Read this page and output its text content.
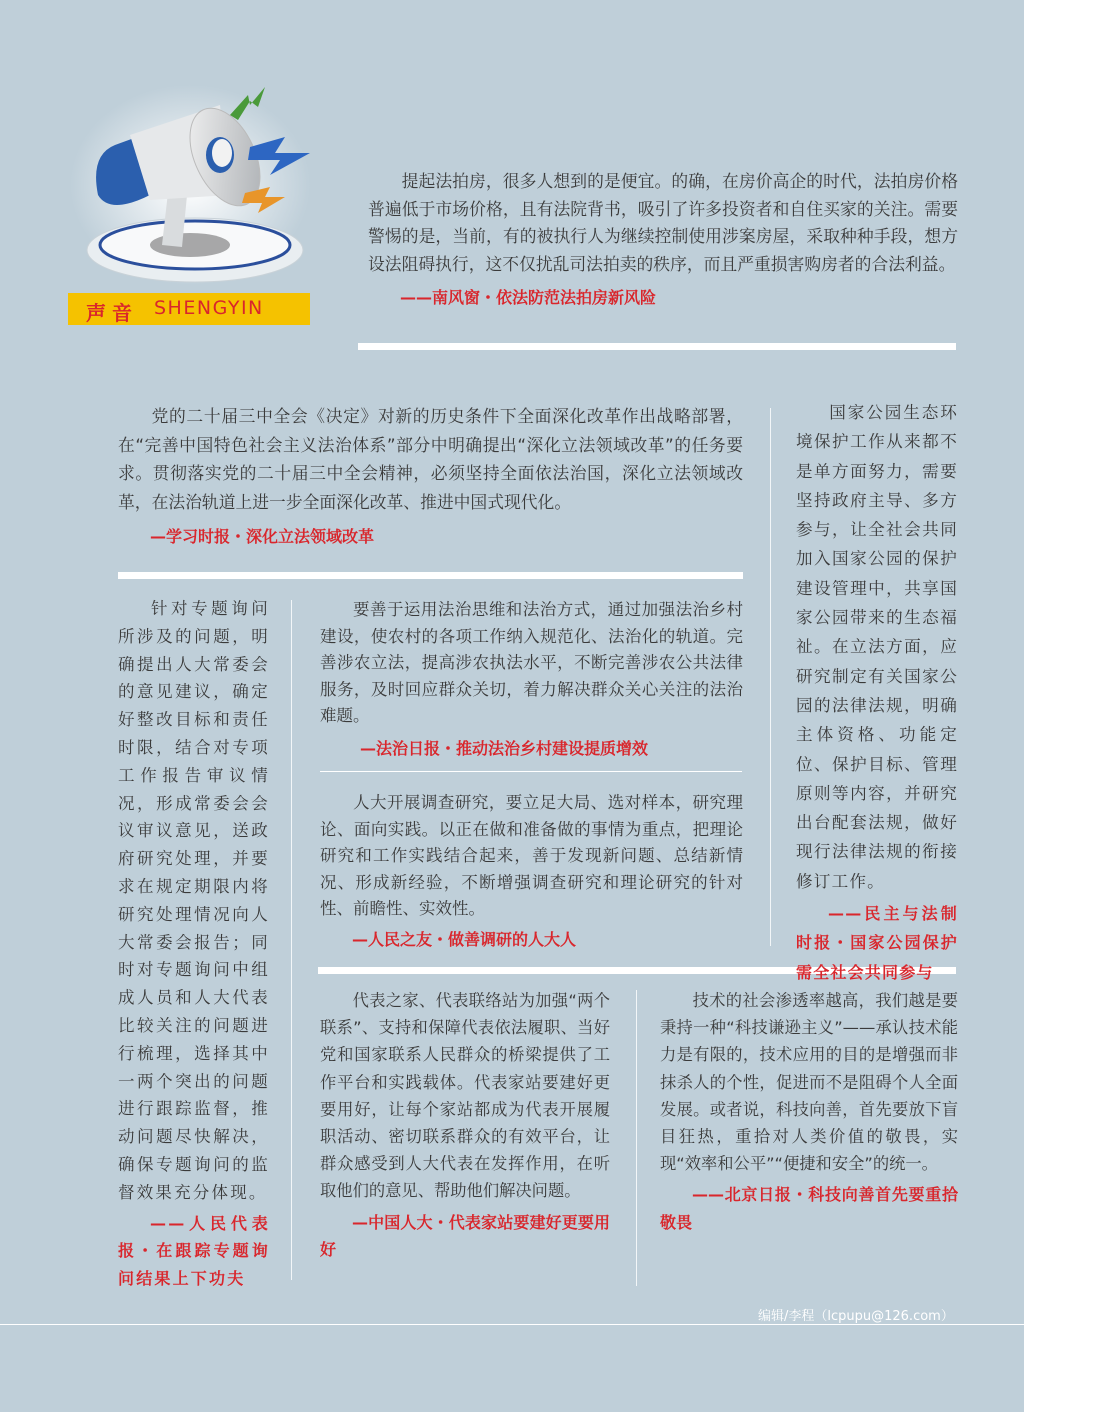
声音 SHENGYIN

提起法拍房，很多人想到的是便宜。的确，在房价高企的时代，法拍房价格普遍低于市场价格，且有法院背书，吸引了许多投资者和自住买家的关注。需要警惕的是，当前，有的被执行人为继续控制使用涉案房屋，采取种种手段，想方设法阻碍执行，这不仅扰乱司法拍卖的秩序，而且严重损害购房者的合法利益。

——南风窗・依法防范法拍房新风险

党的二十届三中全会《决定》对新的历史条件下全面深化改革作出战略部署，在“完善中国特色社会主义法治体系”部分中明确提出“深化立法领域改革”的任务要求。贯彻落实党的二十届三中全会精神，必须坚持全面依法治国，深化立法领域改革，在法治轨道上进一步全面深化改革、推进中国式现代化。

—学习时报・深化立法领域改革

国家公园生态环境保护工作从来都不是单方面努力，需要坚持政府主导、多方参与，让全社会共同加入国家公园的保护建设管理中，共享国家公园带来的生态福祉。在立法方面，应研究制定有关国家公园的法律法规，明确主体资格、功能定位、保护目标、管理原则等内容，并研究出台配套法规，做好现行法律法规的衔接修订工作。

——民主与法制时报・国家公园保护需全社会共同参与

针对专题询问所涉及的问题，明确提出人大常委会的意见建议，确定好整改目标和责任时限，结合对专项工作报告审议情况，形成常委会会议审议意见，送政府研究处理，并要求在规定期限内将研究处理情况向人大常委会报告；同时对专题询问中组成人员和人大代表比较关注的问题进行梳理，选择其中一两个突出的问题进行跟踪监督，推动问题尽快解决，确保专题询问的监督效果充分体现。

——人民代表报・在跟踪专题询问结果上下功夫

要善于运用法治思维和法治方式，通过加强法治乡村建设，使农村的各项工作纳入规范化、法治化的轨道。完善涉农立法，提高涉农执法水平，不断完善涉农公共法律服务，及时回应群众关切，着力解决群众关心关注的法治难题。

—法治日报・推动法治乡村建设提质增效

人大开展调查研究，要立足大局、选对样本，研究理论、面向实践。以正在做和准备做的事情为重点，把理论研究和工作实践结合起来，善于发现新问题、总结新情况、形成新经验，不断增强调查研究和理论研究的针对性、前瞻性、实效性。

—人民之友・做善调研的人大人

代表之家、代表联络站为加强“两个联系”、支持和保障代表依法履职、当好党和国家联系人民群众的桥梁提供了工作平台和实践载体。代表家站要建好更要用好，让每个家站都成为代表开展履职活动、密切联系群众的有效平台，让群众感受到人大代表在发挥作用，在听取他们的意见、帮助他们解决问题。

—中国人大・代表家站要建好更要用好

技术的社会渗透率越高，我们越是要秉持一种“科技谦逊主义”——承认技术能力是有限的，技术应用的目的是增强而非抹杀人的个性，促进而不是阻碍个人全面发展。或者说，科技向善，首先要放下盲目狂热，重拾对人类价值的敬畏，实现“效率和公平”“便捷和安全”的统一。

——北京日报・科技向善首先要重拾敬畏

编辑/李程（lcpupu@126.com）
